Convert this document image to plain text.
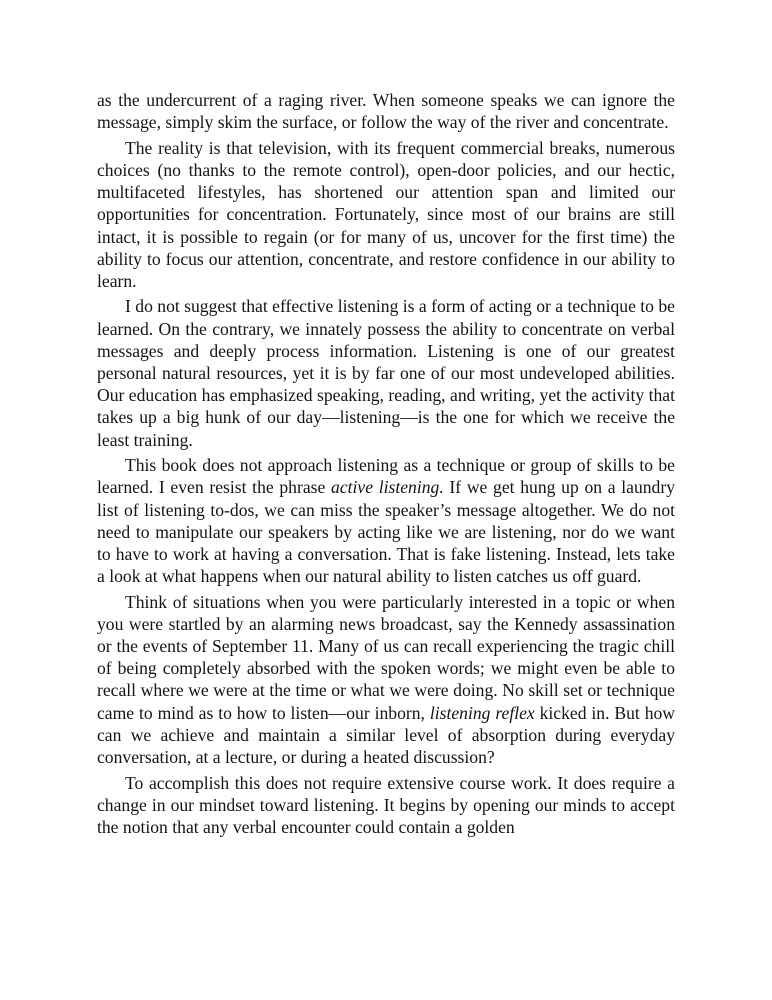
as the undercurrent of a raging river. When someone speaks we can ignore the message, simply skim the surface, or follow the way of the river and concentrate.

The reality is that television, with its frequent commercial breaks, numerous choices (no thanks to the remote control), open-door policies, and our hectic, multifaceted lifestyles, has shortened our attention span and limited our opportunities for concentration. Fortunately, since most of our brains are still intact, it is possible to regain (or for many of us, uncover for the first time) the ability to focus our attention, concentrate, and restore confidence in our ability to learn.

I do not suggest that effective listening is a form of acting or a technique to be learned. On the contrary, we innately possess the ability to concentrate on verbal messages and deeply process information. Listening is one of our greatest personal natural resources, yet it is by far one of our most undeveloped abilities. Our education has emphasized speaking, reading, and writing, yet the activity that takes up a big hunk of our day—listening—is the one for which we receive the least training.

This book does not approach listening as a technique or group of skills to be learned. I even resist the phrase active listening. If we get hung up on a laundry list of listening to-dos, we can miss the speaker’s message altogether. We do not need to manipulate our speakers by acting like we are listening, nor do we want to have to work at having a conversation. That is fake listening. Instead, lets take a look at what happens when our natural ability to listen catches us off guard.

Think of situations when you were particularly interested in a topic or when you were startled by an alarming news broadcast, say the Kennedy assassination or the events of September 11. Many of us can recall experiencing the tragic chill of being completely absorbed with the spoken words; we might even be able to recall where we were at the time or what we were doing. No skill set or technique came to mind as to how to listen—our inborn, listening reflex kicked in. But how can we achieve and maintain a similar level of absorption during everyday conversation, at a lecture, or during a heated discussion?

To accomplish this does not require extensive course work. It does require a change in our mindset toward listening. It begins by opening our minds to accept the notion that any verbal encounter could contain a golden
